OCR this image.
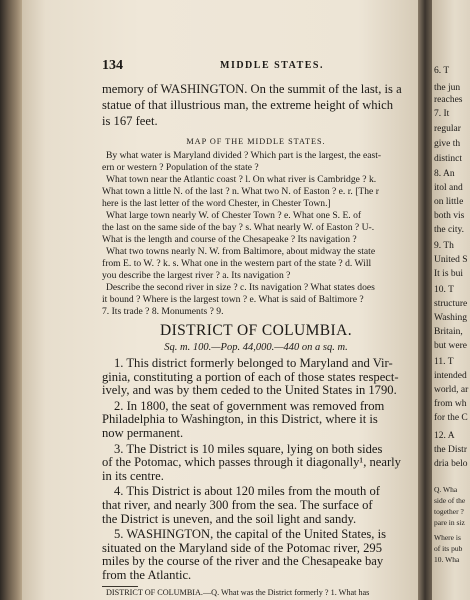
6. T
the jun
reaches
7. It
regular
give th
distinct
8. An
itol and
on little
both vis
the city.
9. Th
United S
It is bui
10. T
structure
Washing
Britain,
but were
11. T
intended
world, ar
from wh
for the C
12. A
the Distr
dria belo
Q. Wha
side of the
together ?
pare in siz
Where is
of its pub
10. Wha
134	MIDDLE STATES.
memory of WASHINGTON. On the summit of the last, is a
statue of that illustrious man, the extreme height of which
is 167 feet.
MAP OF THE MIDDLE STATES.
By what water is Maryland divided ? Which part is the largest, the east-
ern or western ? Population of the state ?
What town near the Atlantic coast ? l. On what river is Cambridge ? k.
What town a little N. of the last ? n. What two N. of Easton ? e. r. [The r
here is the last letter of the word Chester, in Chester Town.]
What large town nearly W. of Chester Town ? e. What one S. E. of
the last on the same side of the bay ? s. What nearly W. of Easton ? U-.
What is the length and course of the Chesapeake ? Its navigation ?
What two towns nearly N. W. from Baltimore, about midway the state
from E. to W. ? k. s. What one in the western part of the state ? d. Will
you describe the largest river ? a. Its navigation ?
Describe the second river in size ? c. Its navigation ? What states does
it bound ? Where is the largest town ? e. What is said of Baltimore ?
7. Its trade ? 8. Monuments ? 9.
DISTRICT OF COLUMBIA.
Sq. m. 100.—Pop. 44,000.—440 on a sq. m.
1. This district formerly belonged to Maryland and Vir-
ginia, constituting a portion of each of those states respect-
ively, and was by them ceded to the United States in 1790.
2. In 1800, the seat of government was removed from
Philadelphia to Washington, in this District, where it is
now permanent.
3. The District is 10 miles square, lying on both sides
of the Potomac, which passes through it diagonally¹, nearly
in its centre.
4. This District is about 120 miles from the mouth of
that river, and nearly 300 from the sea. The surface of
the District is uneven, and the soil light and sandy.
5. WASHINGTON, the capital of the United States, is
situated on the Maryland side of the Potomac river, 295
miles by the course of the river and the Chesapeake bay
from the Atlantic.
DISTRICT OF COLUMBIA.—Q. What was the District formerly ? 1. What has
